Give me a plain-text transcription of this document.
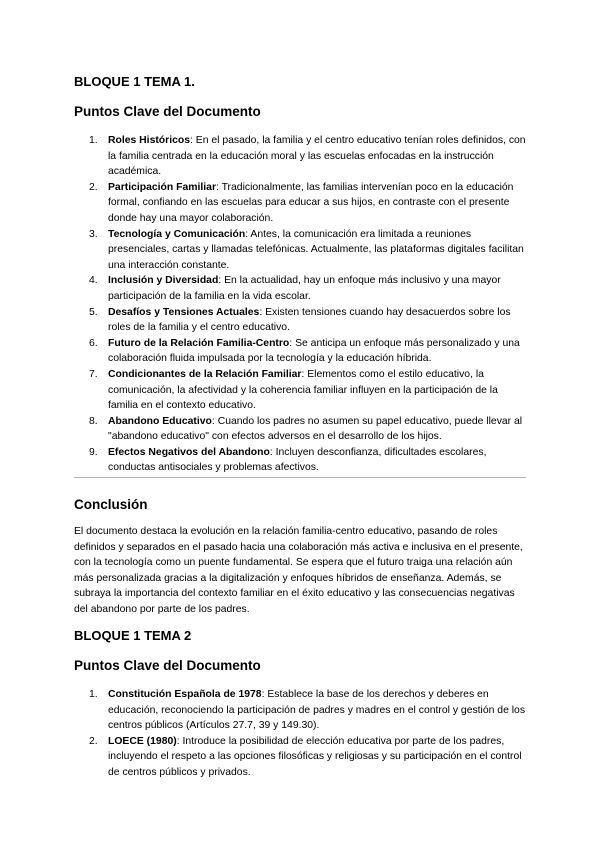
BLOQUE 1 TEMA 1.
Puntos Clave del Documento
1. Roles Históricos: En el pasado, la familia y el centro educativo tenían roles definidos, con la familia centrada en la educación moral y las escuelas enfocadas en la instrucción académica.
2. Participación Familiar: Tradicionalmente, las familias intervenían poco en la educación formal, confiando en las escuelas para educar a sus hijos, en contraste con el presente donde hay una mayor colaboración.
3. Tecnología y Comunicación: Antes, la comunicación era limitada a reuniones presenciales, cartas y llamadas telefónicas. Actualmente, las plataformas digitales facilitan una interacción constante.
4. Inclusión y Diversidad: En la actualidad, hay un enfoque más inclusivo y una mayor participación de la familia en la vida escolar.
5. Desafíos y Tensiones Actuales: Existen tensiones cuando hay desacuerdos sobre los roles de la familia y el centro educativo.
6. Futuro de la Relación Familia-Centro: Se anticipa un enfoque más personalizado y una colaboración fluida impulsada por la tecnología y la educación híbrida.
7. Condicionantes de la Relación Familiar: Elementos como el estilo educativo, la comunicación, la afectividad y la coherencia familiar influyen en la participación de la familia en el contexto educativo.
8. Abandono Educativo: Cuando los padres no asumen su papel educativo, puede llevar al "abandono educativo" con efectos adversos en el desarrollo de los hijos.
9. Efectos Negativos del Abandono: Incluyen desconfianza, dificultades escolares, conductas antisociales y problemas afectivos.
Conclusión

El documento destaca la evolución en la relación familia-centro educativo, pasando de roles definidos y separados en el pasado hacia una colaboración más activa e inclusiva en el presente, con la tecnología como un puente fundamental. Se espera que el futuro traiga una relación aún más personalizada gracias a la digitalización y enfoques híbridos de enseñanza. Además, se subraya la importancia del contexto familiar en el éxito educativo y las consecuencias negativas del abandono por parte de los padres.

BLOQUE 1 TEMA 2
Puntos Clave del Documento
1. Constitución Española de 1978: Establece la base de los derechos y deberes en educación, reconociendo la participación de padres y madres en el control y gestión de los centros públicos (Artículos 27.7, 39 y 149.30).
2. LOECE (1980): Introduce la posibilidad de elección educativa por parte de los padres, incluyendo el respeto a las opciones filosóficas y religiosas y su participación en el control de centros públicos y privados.
